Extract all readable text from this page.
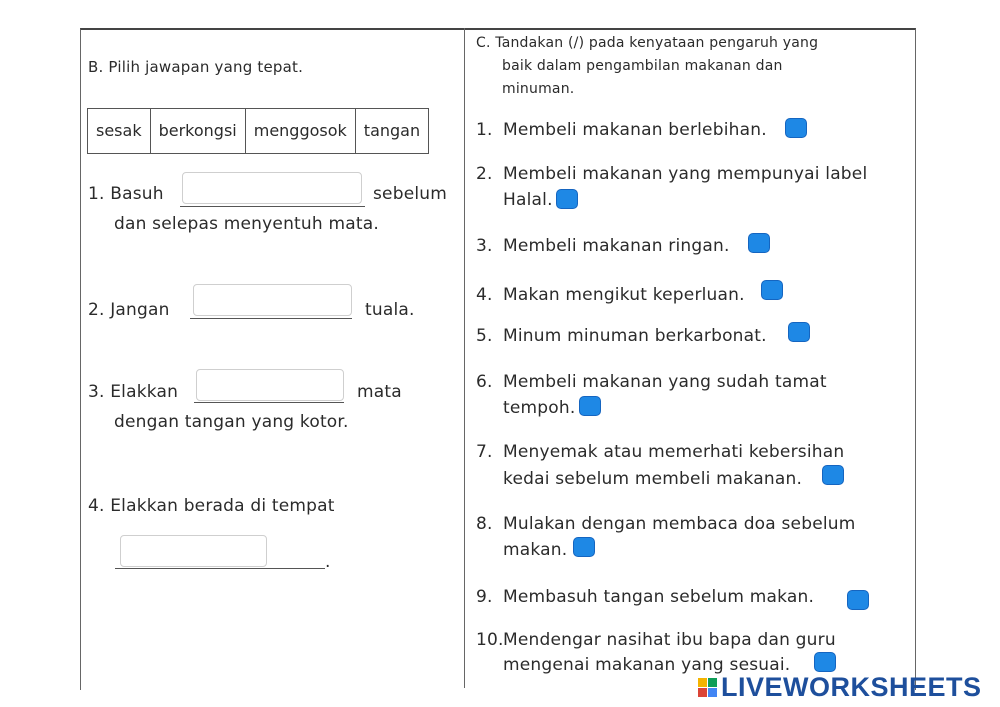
B. Pilih jawapan yang tepat.
sesak	berkongsi	menggosok	tangan
1. Basuh	sebelum
dan selepas menyentuh mata.
2. Jangan	tuala.
3. Elakkan	mata
dengan tangan yang kotor.
4. Elakkan berada di tempat
.
C. Tandakan (/) pada kenyataan pengaruh yang
baik dalam pengambilan makanan dan
minuman.
1. Membeli makanan berlebihan.
2. Membeli makanan yang mempunyai label
Halal.
3. Membeli makanan ringan.
4. Makan mengikut keperluan.
5. Minum minuman berkarbonat.
6. Membeli makanan yang sudah tamat
tempoh.
7. Menyemak atau memerhati kebersihan
kedai sebelum membeli makanan.
8. Mulakan dengan membaca doa sebelum
makan.
9. Membasuh tangan sebelum makan.
10. Mendengar nasihat ibu bapa dan guru
mengenai makanan yang sesuai.
LIVEWORKSHEETS
